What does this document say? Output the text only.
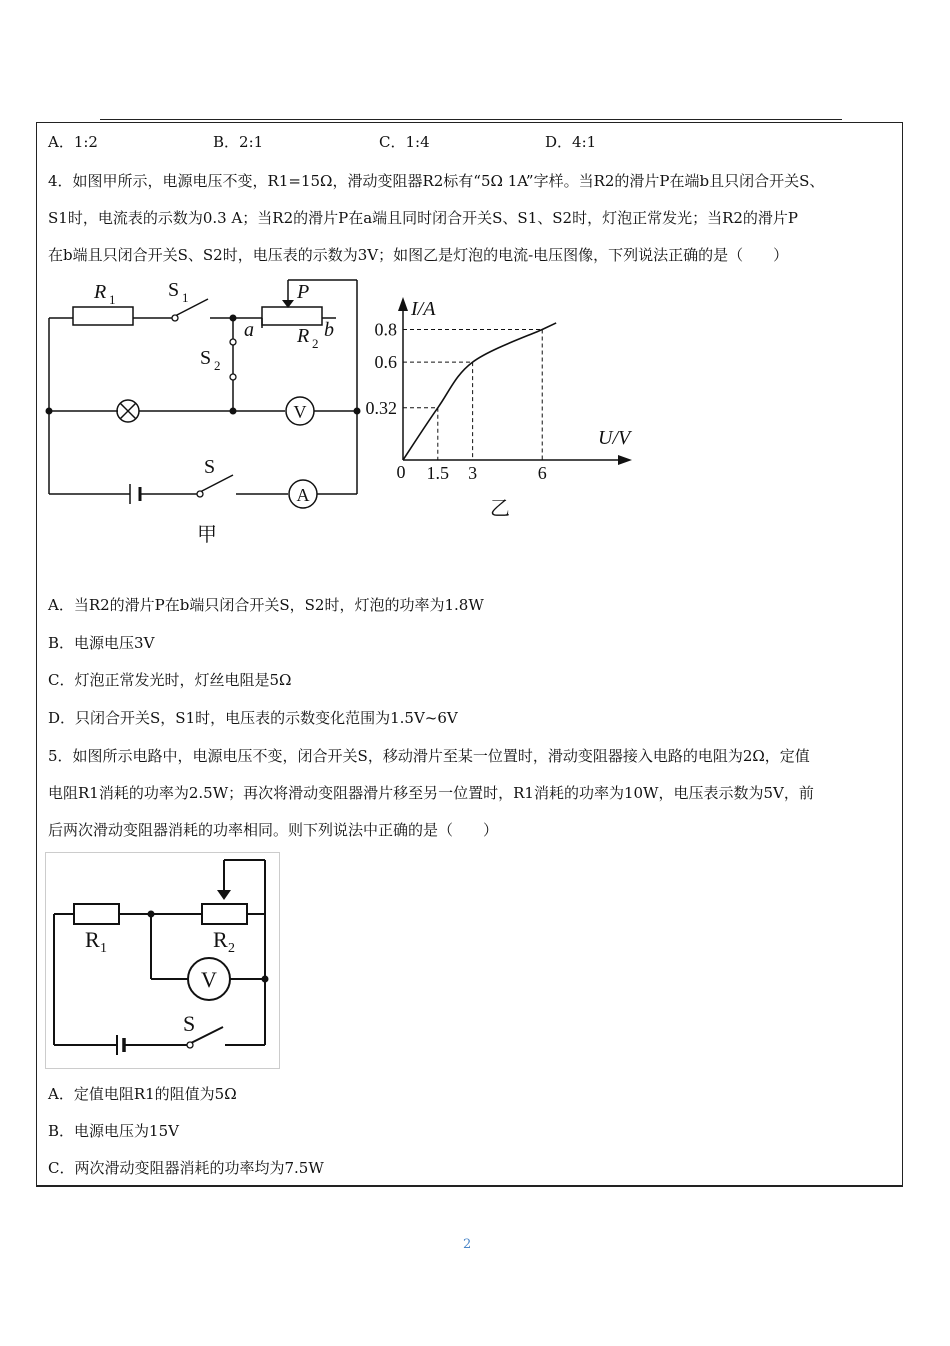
A．1:2	B．2:1	C．1:4	D．4:1
4．如图甲所示，电源电压不变，R1=15Ω，滑动变阻器R2标有“5Ω 1A”字样。当R2的滑片P在端b且只闭合开关S、
S1时，电流表的示数为0.3 A；当R2的滑片P在a端且同时闭合开关S、S1、S2时，灯泡正常发光；当R2的滑片P
在b端且只闭合开关S、S2时，电压表的示数为3V；如图乙是灯泡的电流-电压图像，下列说法正确的是（　　）
R
R
P
a	b
1
2
S
S
S
1
2
V
A
甲
0.8
0.6
0.32
1.5 3	6
0
I/A
U/V
乙
A．当R2的滑片P在b端只闭合开关S，S2时，灯泡的功率为1.8W
B．电源电压3V
C．灯泡正常发光时，灯丝电阻是5Ω
D．只闭合开关S，S1时，电压表的示数变化范围为1.5V~6V
5．如图所示电路中，电源电压不变，闭合开关S，移动滑片至某一位置时，滑动变阻器接入电路的电阻为2Ω，定值
电阻R1消耗的功率为2.5W；再次将滑动变阻器滑片移至另一位置时，R1消耗的功率为10W，电压表示数为5V，前
后两次滑动变阻器消耗的功率相同。则下列说法中正确的是（　　）
R	R
S
1	2
V
A．定值电阻R1的阻值为5Ω
B．电源电压为15V
C．两次滑动变阻器消耗的功率均为7.5W
2
